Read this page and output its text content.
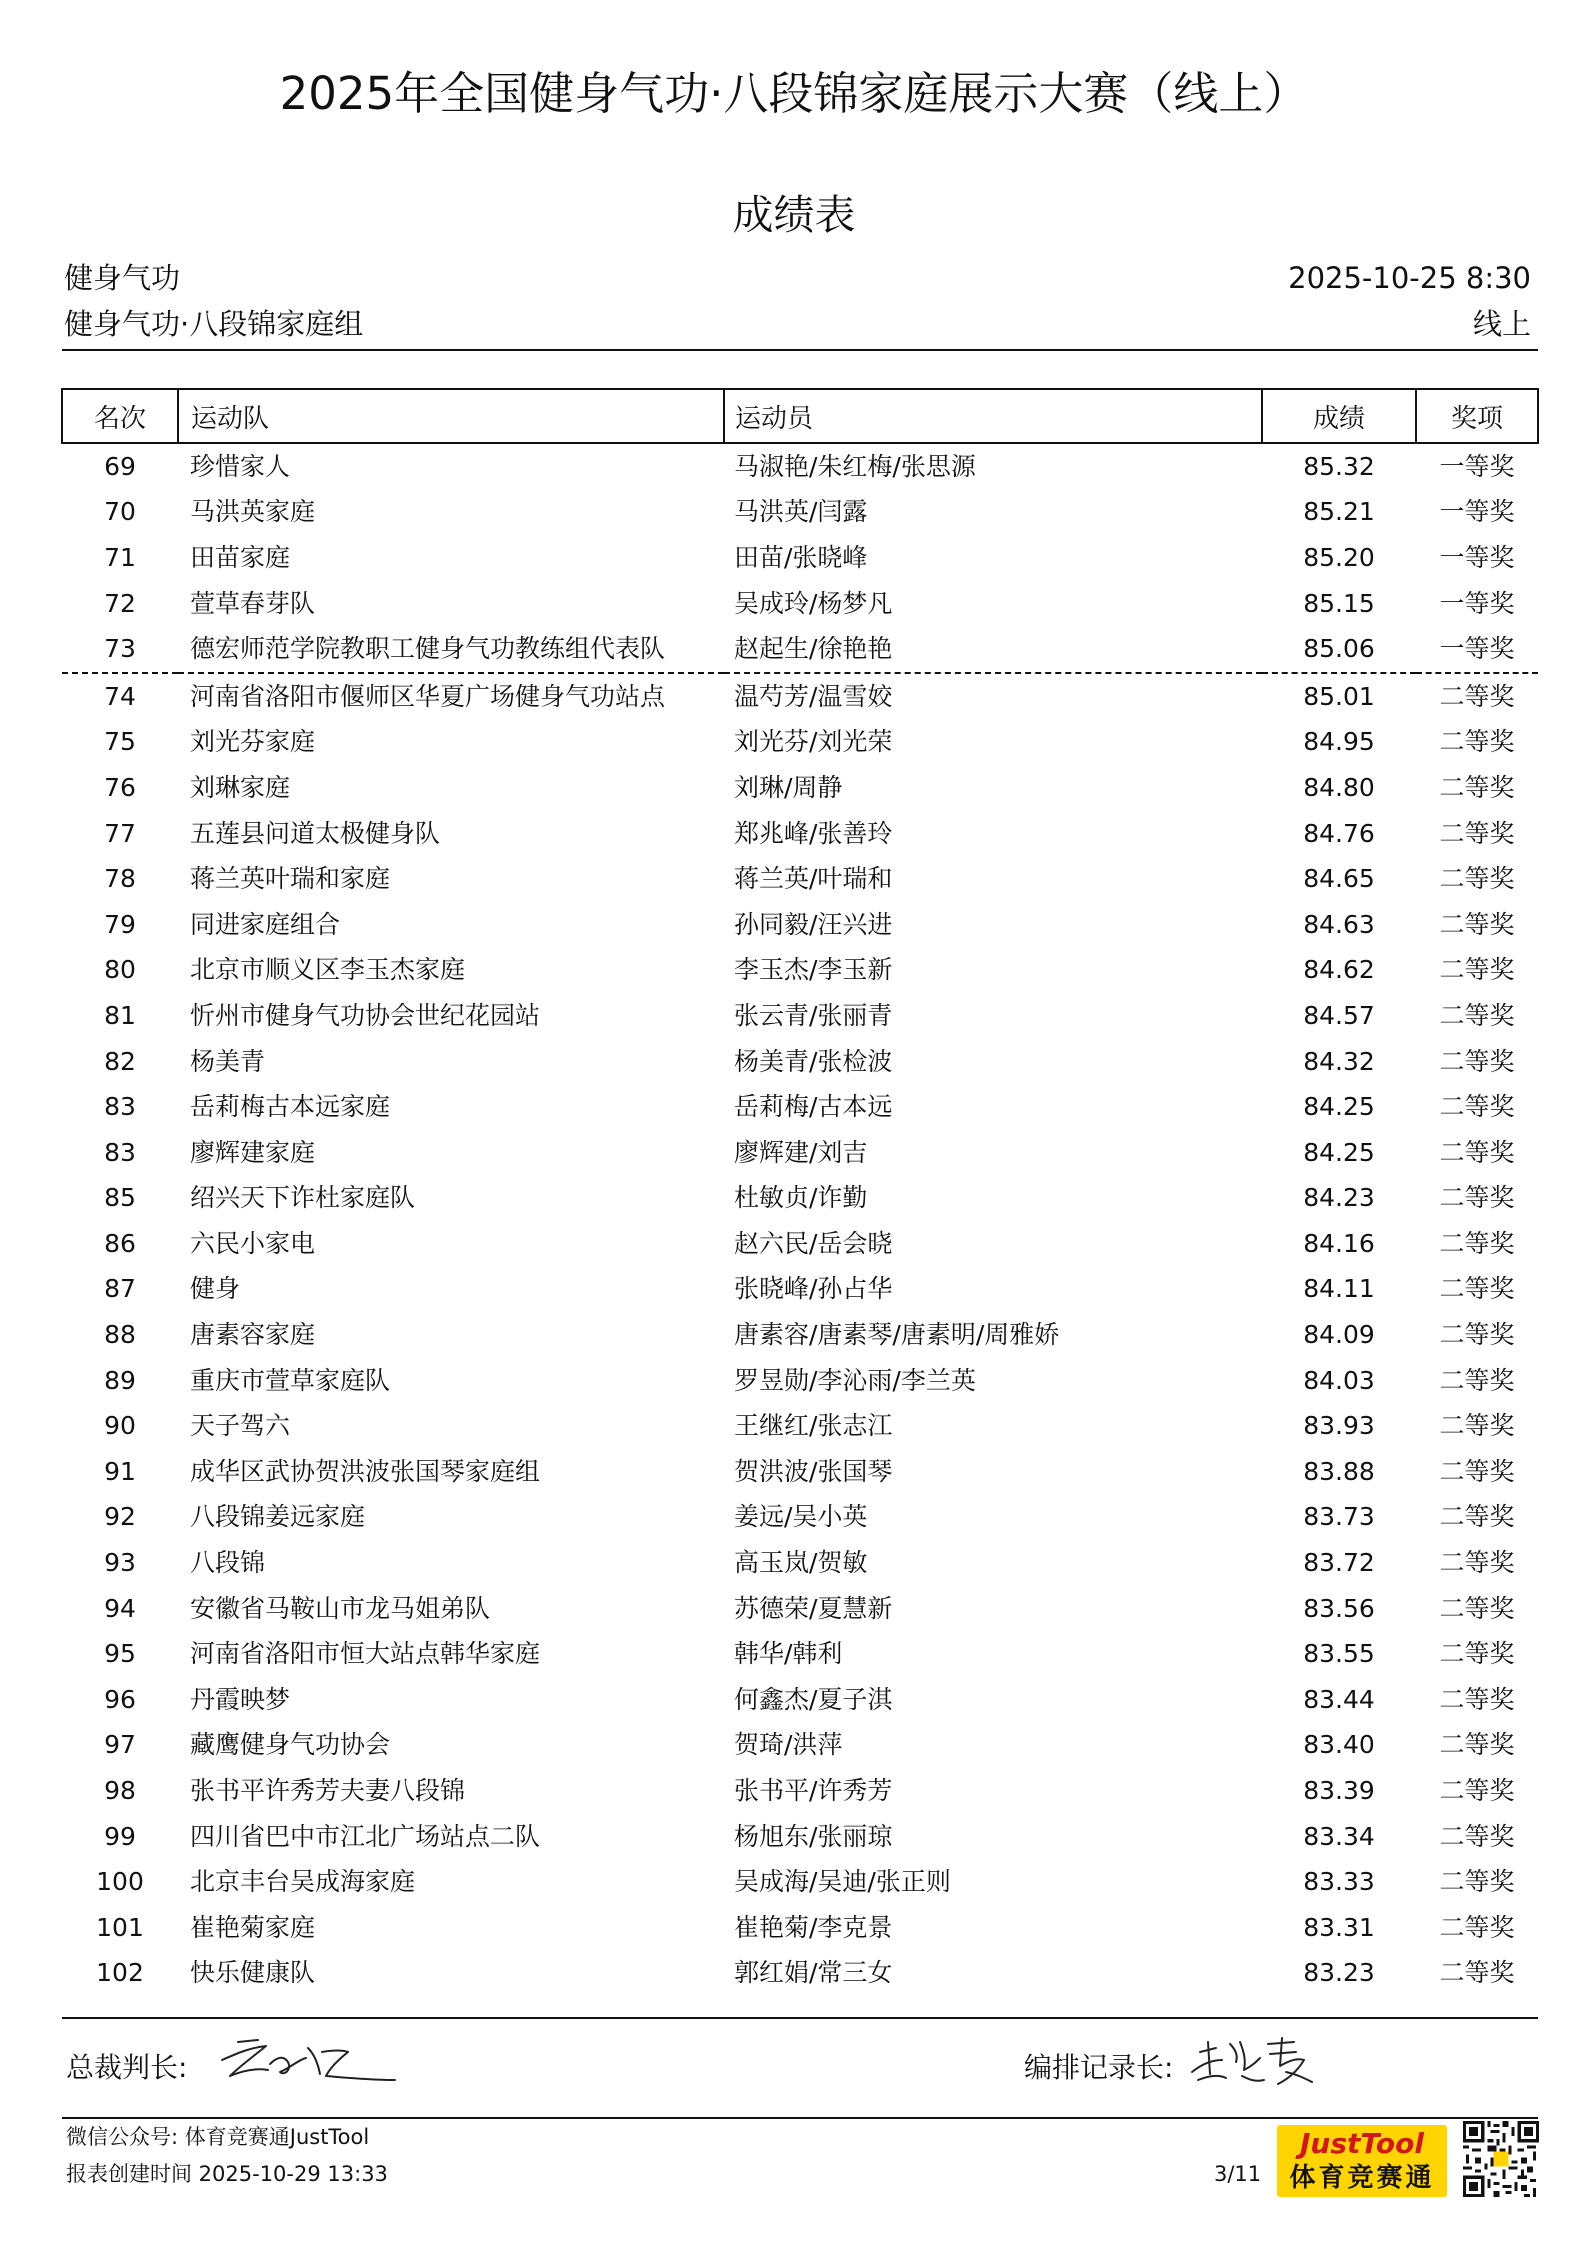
2025年全国健身气功·八段锦家庭展示大赛（线上）
成绩表
健身气功
健身气功·八段锦家庭组
2025-10-25 8:30
线上
名次	运动队	运动员	成绩	奖项
69	珍惜家人	马淑艳/朱红梅/张思源	85.32	一等奖
70	马洪英家庭	马洪英/闫露	85.21	一等奖
71	田苗家庭	田苗/张晓峰	85.20	一等奖
72	萱草春芽队	吴成玲/杨梦凡	85.15	一等奖
73	德宏师范学院教职工健身气功教练组代表队	赵起生/徐艳艳	85.06	一等奖
74	河南省洛阳市偃师区华夏广场健身气功站点	温芍芳/温雪姣	85.01	二等奖
75	刘光芬家庭	刘光芬/刘光荣	84.95	二等奖
76	刘琳家庭	刘琳/周静	84.80	二等奖
77	五莲县问道太极健身队	郑兆峰/张善玲	84.76	二等奖
78	蒋兰英叶瑞和家庭	蒋兰英/叶瑞和	84.65	二等奖
79	同进家庭组合	孙同毅/汪兴进	84.63	二等奖
80	北京市顺义区李玉杰家庭	李玉杰/李玉新	84.62	二等奖
81	忻州市健身气功协会世纪花园站	张云青/张丽青	84.57	二等奖
82	杨美青	杨美青/张检波	84.32	二等奖
83	岳莉梅古本远家庭	岳莉梅/古本远	84.25	二等奖
83	廖辉建家庭	廖辉建/刘吉	84.25	二等奖
85	绍兴天下诈杜家庭队	杜敏贞/诈勤	84.23	二等奖
86	六民小家电	赵六民/岳会晓	84.16	二等奖
87	健身	张晓峰/孙占华	84.11	二等奖
88	唐素容家庭	唐素容/唐素琴/唐素明/周雅娇	84.09	二等奖
89	重庆市萱草家庭队	罗昱勋/李沁雨/李兰英	84.03	二等奖
90	天子驾六	王继红/张志江	83.93	二等奖
91	成华区武协贺洪波张国琴家庭组	贺洪波/张国琴	83.88	二等奖
92	八段锦姜远家庭	姜远/吴小英	83.73	二等奖
93	八段锦	高玉岚/贺敏	83.72	二等奖
94	安徽省马鞍山市龙马姐弟队	苏德荣/夏慧新	83.56	二等奖
95	河南省洛阳市恒大站点韩华家庭	韩华/韩利	83.55	二等奖
96	丹霞映梦	何鑫杰/夏子淇	83.44	二等奖
97	藏鹰健身气功协会	贺琦/洪萍	83.40	二等奖
98	张书平许秀芳夫妻八段锦	张书平/许秀芳	83.39	二等奖
99	四川省巴中市江北广场站点二队	杨旭东/张丽琼	83.34	二等奖
100	北京丰台吴成海家庭	吴成海/吴迪/张正则	83.33	二等奖
101	崔艳菊家庭	崔艳菊/李克景	83.31	二等奖
102	快乐健康队	郭红娟/常三女	83.23	二等奖
总裁判长:	编排记录长:
微信公众号: 体育竞赛通JustTool
报表创建时间 2025-10-29 13:33	3/11
JustTool
体育竞赛通
